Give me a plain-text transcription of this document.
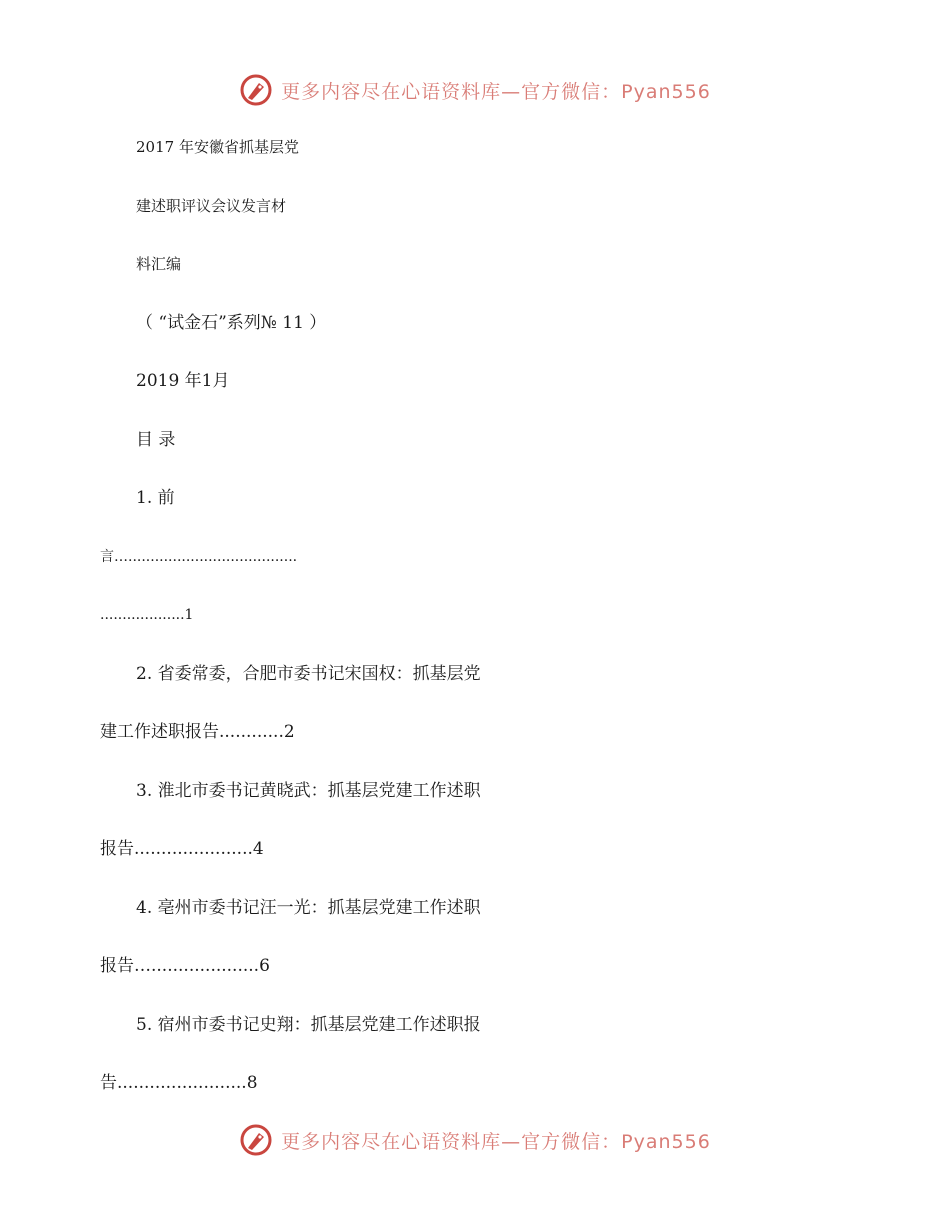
更多内容尽在心语资料库—官方微信：Pyan556
2017 年安徽省抓基层党
建述职评议会议发言材
料汇编
（ “试金石”系列№ 11 ）
2019 年1月
目 录
1. 前
言…......................................
...................1
2. 省委常委，合肥市委书记宋国权：抓基层党
建工作述职报告............2
3. 淮北市委书记黄晓武：抓基层党建工作述职
报告......................4
4. 亳州市委书记汪一光：抓基层党建工作述职
报告…....................6
5. 宿州市委书记史翔：抓基层党建工作述职报
告........................8
更多内容尽在心语资料库—官方微信：Pyan556
